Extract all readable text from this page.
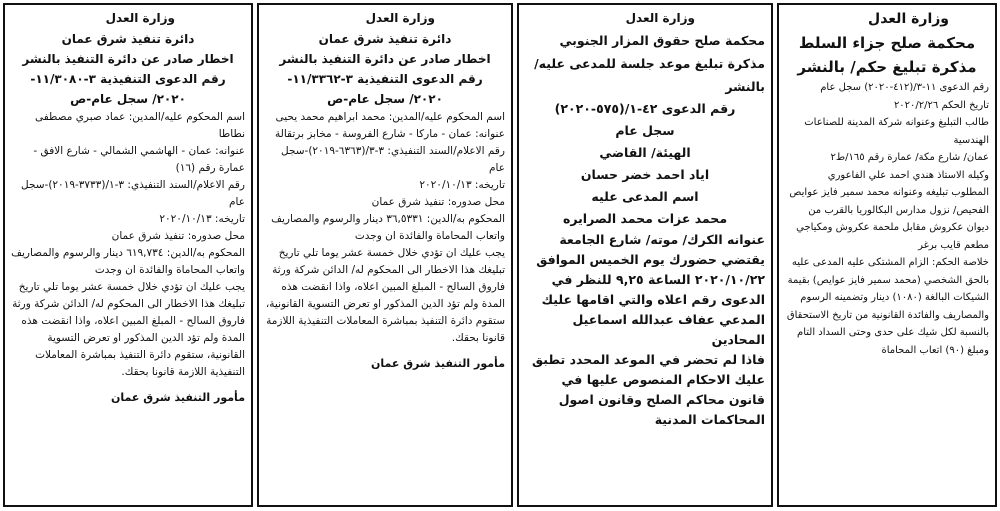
وزارة العدل
محكمة صلح جزاء السلط
مذكرة تبليغ حكم/ بالنشر
رقم الدعوى ١١-٣/(٤١٢-٢٠٢٠) سجل عام
تاريخ الحكم ٢٠٢٠/٢/٢٦
طالب التبليغ وعنوانه شركة المدينة للصناعات الهندسية
عمان/ شارع مكة/ عمارة رقم ١٦٥/ط٢
وكيله الاستاذ هندي احمد علي الفاعوري
المطلوب تبليغه وعنوانه محمد سمير فايز عوايص
الفحيص/ نزول مدارس البكالوريا بالقرب من ديوان عكروش مقابل ملحمة عكروش ومكياجي مطعم قايب برغر
خلاصة الحكم: الزام المشتكى عليه المدعى عليه بالحق الشخصي (محمد سمير فايز عوايص) بقيمة الشيكات البالغة (١٠٨٠) دينار وتضمينه الرسوم والمصاريف والفائدة القانونية من تاريخ الاستحقاق بالنسبة لكل شيك على حدى وحتى السداد التام ومبلغ (٩٠) اتعاب المحاماة
وزارة العدل
محكمة صلح حقوق المزار الجنوبي
مذكرة تبليغ موعد جلسة للمدعى عليه/ بالنشر
رقم الدعوى ٤٢-١/(٥٧٥-٢٠٢٠)
سجل عام
الهيئة/ القاضي
اياد احمد خضر حسان
اسم المدعى عليه
محمد عزات محمد الصرايره
عنوانه الكرك/ موته/ شارع الجامعة
يقتضي حضورك يوم الخميس الموافق ٢٠٢٠/١٠/٢٢ الساعة ٩,٢٥ للنظر في الدعوى رقم اعلاه والتي اقامها عليك المدعي عفاف عبدالله اسماعيل المحادين
فاذا لم تحضر في الموعد المحدد تطبق عليك الاحكام المنصوص عليها في قانون محاكم الصلح وقانون اصول المحاكمات المدنية
وزارة العدل
دائرة تنفيذ شرق عمان
اخطار صادر عن دائرة التنفيذ بالنشر
رقم الدعوى التنفيذية ٣-١١/٣٣٦٢-
٢٠٢٠/ سجل عام-ص
اسم المحكوم عليه/المدين: محمد ابراهيم محمد يحيى
عنوانه: عمان - ماركا - شارع الفروسة - مخابز برتقالة
رقم الاعلام/السند التنفيذي: ٣-٣/(٦٣٦٣-٢٠١٩)-سجل عام
تاريخه: ٢٠٢٠/١٠/١٣
محل صدوره: تنفيذ شرق عمان
المحكوم به/الدين: ٣٦,٥٣٣١ دينار والرسوم والمصاريف واتعاب المحاماة والفائدة ان وجدت
يجب عليك ان تؤدي خلال خمسة عشر يوما تلي تاريخ تبليغك هذا الاخطار الى المحكوم له/ الدائن شركة ورثة فاروق السالح - المبلغ المبين اعلاه، واذا انقضت هذه المدة ولم تؤد الدين المذكور او تعرض التسوية القانونية، ستقوم دائرة التنفيذ بمباشرة المعاملات التنفيذية اللازمة قانونا بحقك.
مأمور التنفيذ شرق عمان
وزارة العدل
دائرة تنفيذ شرق عمان
اخطار صادر عن دائرة التنفيذ بالنشر
رقم الدعوى التنفيذية ٣-١١/٣٠٨٠-
٢٠٢٠/ سجل عام-ص
اسم المحكوم عليه/المدين: عماد صبري مصطفى نطاطا
عنوانه: عمان - الهاشمي الشمالي - شارع الافق - عمارة رقم (١٦)
رقم الاعلام/السند التنفيذي: ٣-١/(٣٧٣٣-٢٠١٩)-سجل عام
تاريخه: ٢٠٢٠/١٠/١٣
محل صدوره: تنفيذ شرق عمان
المحكوم به/الدين: ٦١٩,٧٣٤ دينار والرسوم والمصاريف واتعاب المحاماة والفائدة ان وجدت
يجب عليك ان تؤدي خلال خمسة عشر يوما تلي تاريخ تبليغك هذا الاخطار الى المحكوم له/ الدائن شركة ورثة فاروق السالح - المبلغ المبين اعلاه، واذا انقضت هذه المدة ولم تؤد الدين المذكور او تعرض التسوية القانونية، ستقوم دائرة التنفيذ بمباشرة المعاملات التنفيذية اللازمة قانونا بحقك.
مأمور التنفيذ شرق عمان
